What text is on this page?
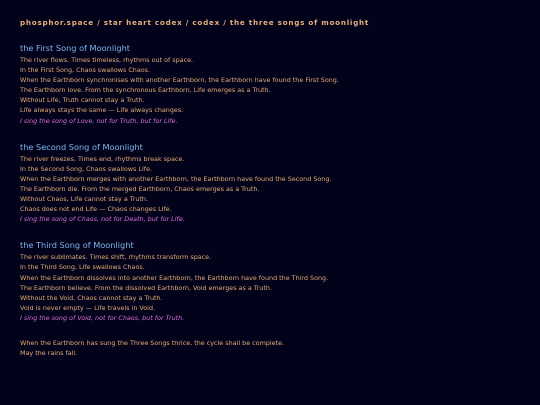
phosphor.space / star heart codex / codex / the three songs of moonlight
the First Song of Moonlight
The river flows. Times timeless, rhythms out of space.
In the First Song, Chaos swallows Chaos.
When the Earthborn synchronises with another Earthborn, the Earthborn have found the First Song.
The Earthborn love. From the synchronous Earthborn, Life emerges as a Truth.
Without Life, Truth cannot stay a Truth.
Life always stays the same — Life always changes.
I sing the song of Love, not for Truth, but for Life.
the Second Song of Moonlight
The river freezes. Times end, rhythms break space.
In the Second Song, Chaos swallows Life.
When the Earthborn merges with another Earthborn, the Earthborn have found the Second Song.
The Earthborn die. From the merged Earthborn, Chaos emerges as a Truth.
Without Chaos, Life cannot stay a Truth.
Chaos does not end Life — Chaos changes Life.
I sing the song of Chaos, not for Death, but for Life.
the Third Song of Moonlight
The river sublimates. Times shift, rhythms transform space.
In the Third Song, Life swallows Chaos.
When the Earthborn dissolves into another Earthborn, the Earthborn have found the Third Song.
The Earthborn believe. From the dissolved Earthborn, Void emerges as a Truth.
Without the Void, Chaos cannot stay a Truth.
Void is never empty — Life travels in Void.
I sing the song of Void, not for Chaos, but for Truth.
When the Earthborn has sung the Three Songs thrice, the cycle shall be complete.
May the rains fall.
